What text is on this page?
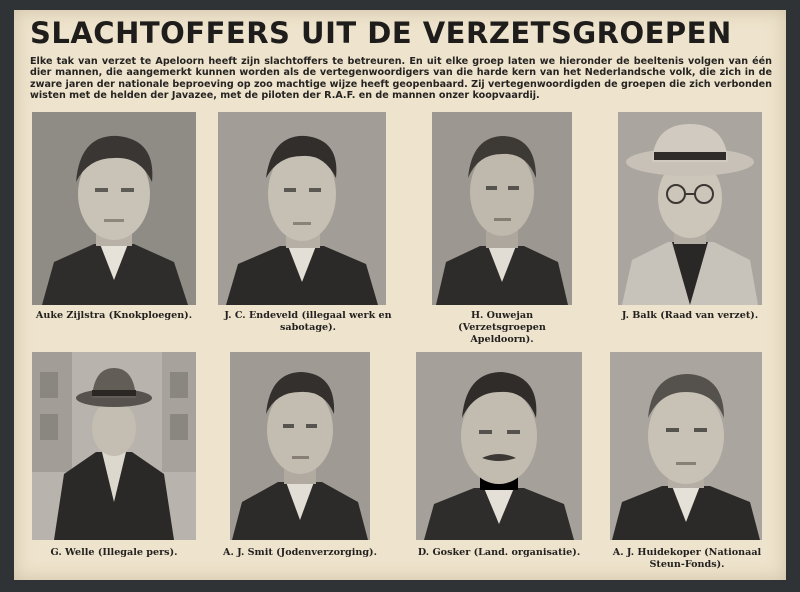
SLACHTOFFERS UIT DE VERZETSGROEPEN

Elke tak van verzet te Apeloorn heeft zijn slachtoffers te betreuren. En uit elke groep laten we hieronder de beeltenis volgen van één dier mannen, die aangemerkt kunnen worden als de vertegenwoordigers van die harde kern van het Nederlandsche volk, die zich in de zware jaren der nationale beproeving op zoo machtige wijze heeft geopenbaard. Zij vertegenwoordigden de groepen die zich verbonden wisten met de helden der Javazee, met de piloten der R.A.F. en de mannen onzer koopvaardij.

Auke Zijlstra (Knokploegen).	J. C. Endeveld (illegaal werk en sabotage).

H. Ouwejan (Verzetsgroepen Apeldoorn).

J. Balk (Raad van verzet).

G. Welle (Illegale pers).	A. J. Smit (Jodenverzorging).	D. Gosker (Land. organisatie).	A. J. Huidekoper (Nationaal Steun-Fonds).
